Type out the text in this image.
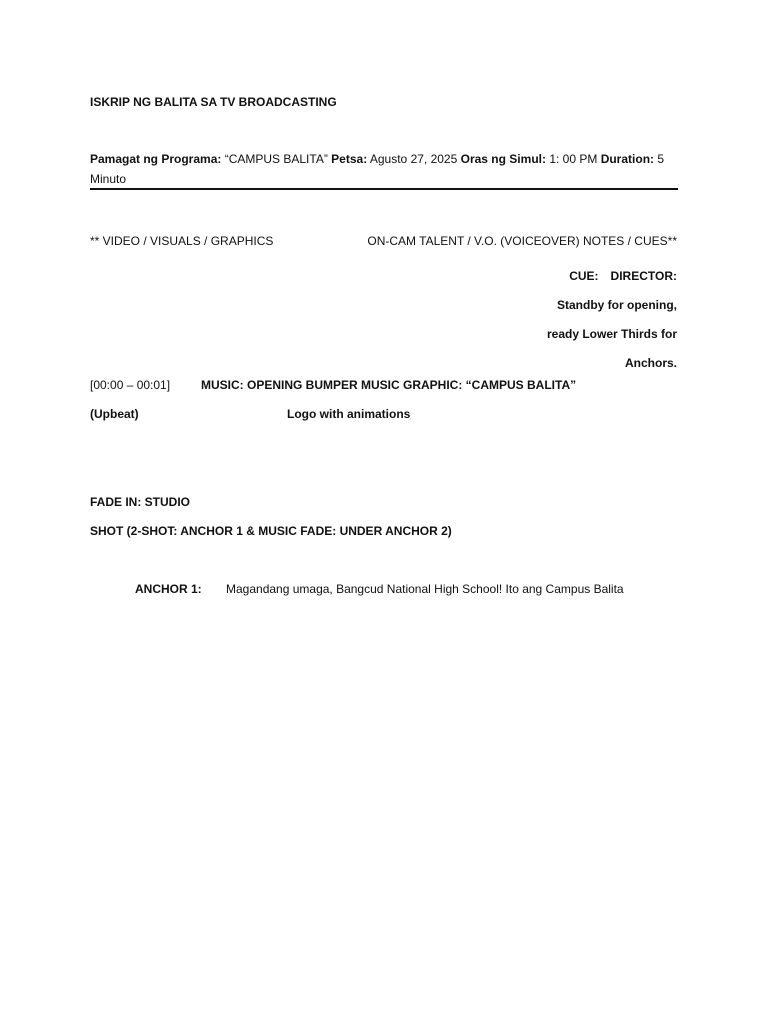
ISKRIP NG BALITA SA TV BROADCASTING
Pamagat ng Programa: “CAMPUS BALITA” Petsa: Agusto 27, 2025 Oras ng Simul: 1: 00 PM Duration: 5
Minuto
** VIDEO / VISUALS / GRAPHICS	ON-CAM TALENT / V.O. (VOICEOVER) NOTES / CUES**
CUE: DIRECTOR:
Standby for opening,
ready Lower Thirds for
Anchors.
[00:00 – 00:01]	MUSIC: OPENING BUMPER MUSIC GRAPHIC: “CAMPUS BALITA”
(Upbeat)	Logo with animations
FADE IN: STUDIO
SHOT (2-SHOT: ANCHOR 1 & MUSIC FADE: UNDER ANCHOR 2)
ANCHOR 1: Magandang umaga, Bangcud National High School! Ito ang Campus Balita
